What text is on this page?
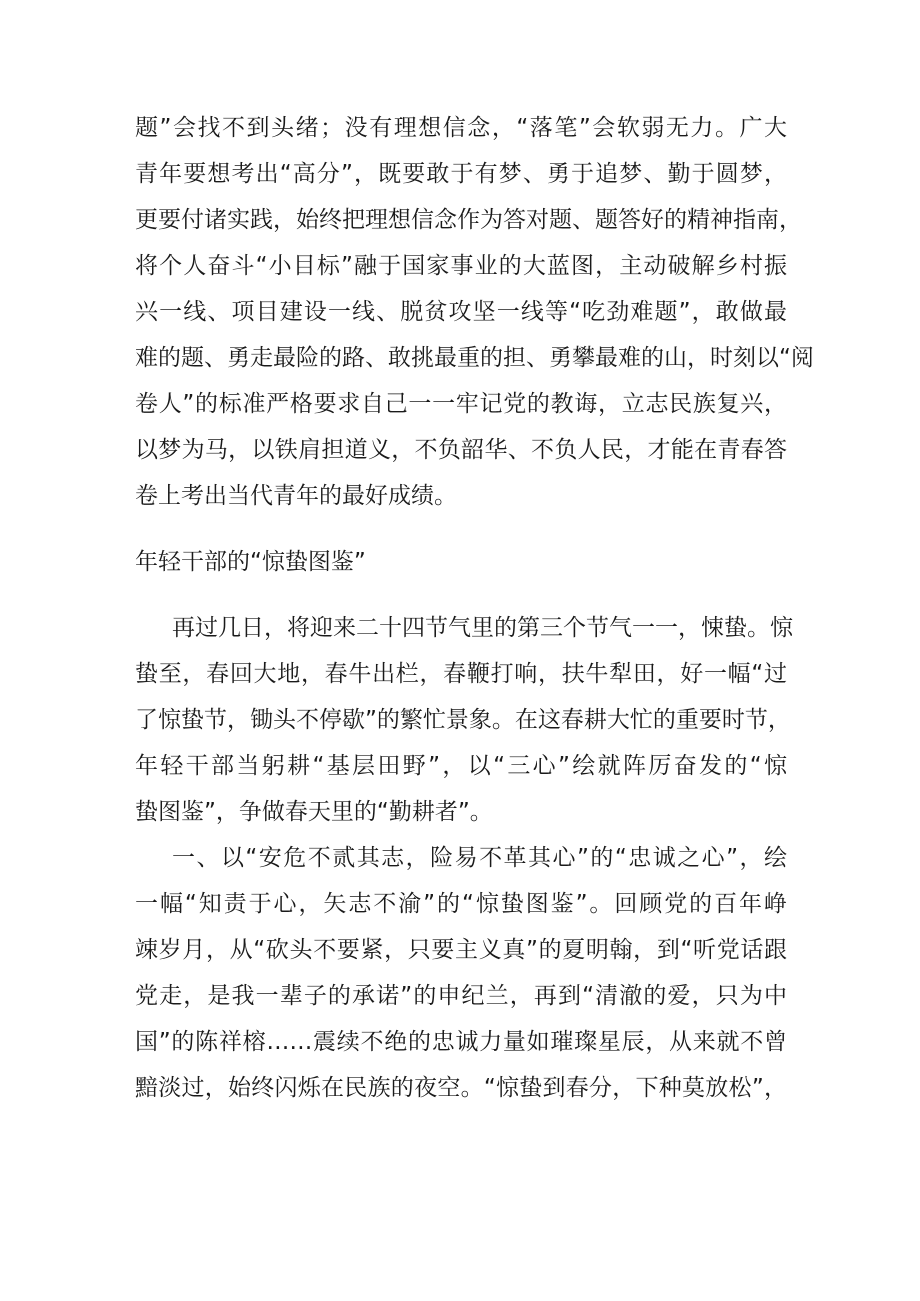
题”会找不到头绪；没有理想信念，“落笔”会软弱无力。广大
青年要想考出“高分”，既要敢于有梦、勇于追梦、勤于圆梦，
更要付诸实践，始终把理想信念作为答对题、题答好的精神指南，
将个人奋斗“小目标”融于国家事业的大蓝图，主动破解乡村振
兴一线、项目建设一线、脱贫攻坚一线等“吃劲难题”，敢做最
难的题、勇走最险的路、敢挑最重的担、勇攀最难的山，时刻以“阅
卷人”的标准严格要求自己一一牢记党的教诲，立志民族复兴，
以梦为马，以铁肩担道义，不负韶华、不负人民，才能在青春答
卷上考出当代青年的最好成绩。
年轻干部的“惊蛰图鉴”
再过几日，将迎来二十四节气里的第三个节气一一，悚蛰。惊
蛰至，春回大地，春牛出栏，春鞭打响，扶牛犁田，好一幅“过
了惊蛰节，锄头不停歇”的繁忙景象。在这春耕大忙的重要时节，
年轻干部当躬耕“基层田野”，以“三心”绘就阵厉奋发的“惊
蛰图鉴”，争做春天里的“勤耕者”。
一、以“安危不贰其志，险易不革其心”的“忠诚之心”，绘
一幅“知责于心，矢志不渝”的“惊蛰图鉴”。回顾党的百年峥
竦岁月，从“砍头不要紧，只要主义真”的夏明翰，到“听党话跟
党走，是我一辈子的承诺”的申纪兰，再到“清澈的爱，只为中
国”的陈祥榕……震续不绝的忠诚力量如璀璨星辰，从来就不曾
黯淡过，始终闪烁在民族的夜空。“惊蛰到春分，下种莫放松”，
